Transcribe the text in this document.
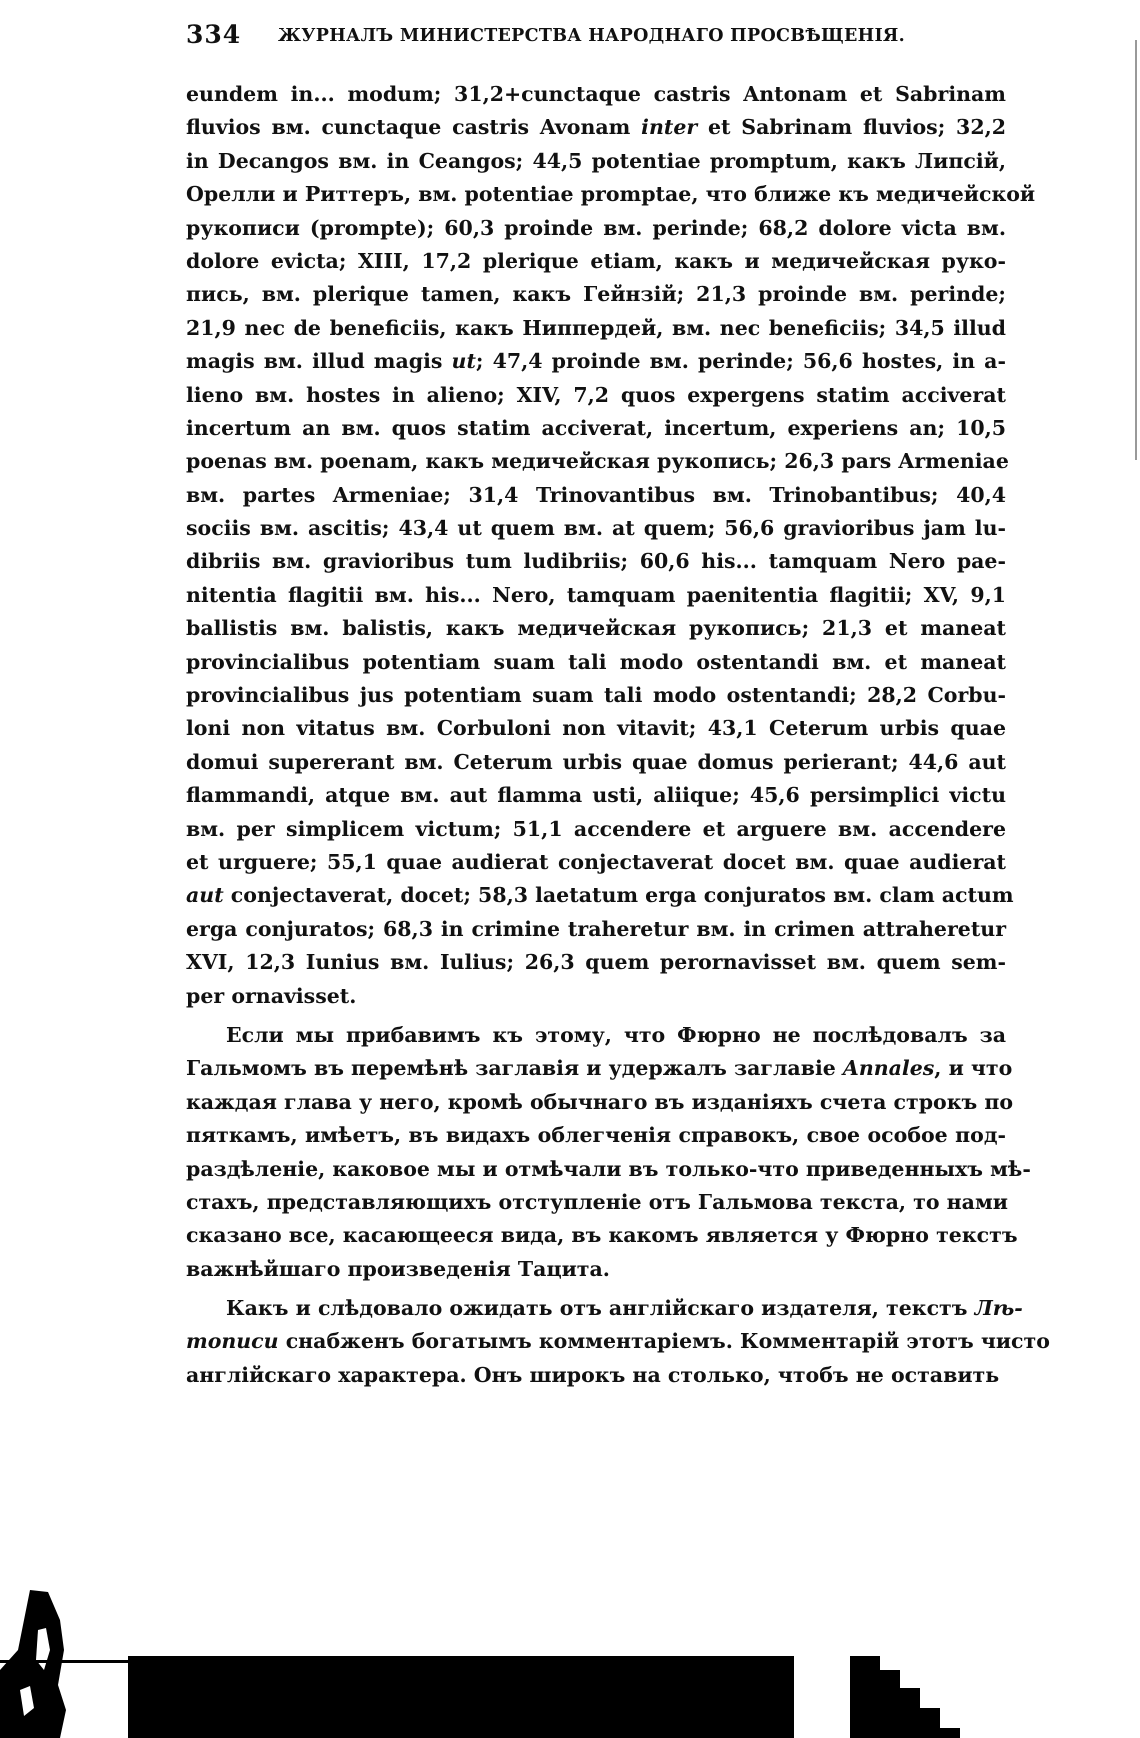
334 ЖУРНАЛЪ МИНИСТЕРСТВА НАРОДНАГО ПРОСВѢЩЕНІЯ.
eundem in... modum; 31,2+cunctaque castris Antonam et Sabrinam
fluvios вм. cunctaque castris Avonam inter et Sabrinam fluvios; 32,2
in Decangos вм. in Ceangos; 44,5 potentiae promptum, какъ Липсій,
Орелли и Риттеръ, вм. potentiae promptae, что ближе къ медичейской
рукописи (prompte); 60,3 proinde вм. perinde; 68,2 dolore victa вм.
dolore evicta; XIII, 17,2 plerique etiam, какъ и медичейская руко-
пись, вм. plerique tamen, какъ Гейнзій; 21,3 proinde вм. perinde;
21,9 nec de beneficiis, какъ Ниппердей, вм. nec beneficiis; 34,5 illud
magis вм. illud magis ut; 47,4 proinde вм. perinde; 56,6 hostes, in a-
lieno вм. hostes in alieno; XIV, 7,2 quos expergens statim acciverat
incertum an вм. quos statim acciverat, incertum, experiens an; 10,5
poenas вм. poenam, какъ медичейская рукопись; 26,3 pars Armeniae
вм. partes Armeniae; 31,4 Trinovantibus вм. Trinobantibus; 40,4
sociis вм. ascitis; 43,4 ut quem вм. at quem; 56,6 gravioribus jam lu-
dibriis вм. gravioribus tum ludibriis; 60,6 his... tamquam Nero pae-
nitentia flagitii вм. his... Nero, tamquam paenitentia flagitii; XV, 9,1
ballistis вм. balistis, какъ медичейская рукопись; 21,3 et maneat
provincialibus potentiam suam tali modo ostentandi вм. et maneat
provincialibus jus potentiam suam tali modo ostentandi; 28,2 Corbu-
loni non vitatus вм. Corbuloni non vitavit; 43,1 Ceterum urbis quae
domui supererant вм. Ceterum urbis quae domus perierant; 44,6 aut
flammandi, atque вм. aut flamma usti, aliique; 45,6 persimplici victu
вм. per simplicem victum; 51,1 accendere et arguere вм. accendere
et urguere; 55,1 quae audierat conjectaverat docet вм. quae audierat
aut conjectaverat, docet; 58,3 laetatum erga conjuratos вм. clam actum
erga conjuratos; 68,3 in crimine traheretur вм. in crimen attraheretur
XVI, 12,3 Iunius вм. Iulius; 26,3 quem perornavisset вм. quem sem-
per ornavisset.
Если мы прибавимъ къ этому, что Фюрно не послѣдовалъ за
Гальмомъ въ перемѣнѣ заглавія и удержалъ заглавіе Annales, и что
каждая глава у него, кромѣ обычнаго въ изданіяхъ счета строкъ по
пяткамъ, имѣетъ, въ видахъ облегченія справокъ, свое особое под-
раздѣленіе, каковое мы и отмѣчали въ только-что приведенныхъ мѣ-
стахъ, представляющихъ отступленіе отъ Гальмова текста, то нами
сказано все, касающееся вида, въ какомъ является у Фюрно текстъ
важнѣйшаго произведенія Тацита.
Какъ и слѣдовало ожидать отъ англійскаго издателя, текстъ Лѣ-
тописи снабженъ богатымъ комментаріемъ. Комментарій этотъ чисто
англійскаго характера. Онъ широкъ на столько, чтобъ не оставить
